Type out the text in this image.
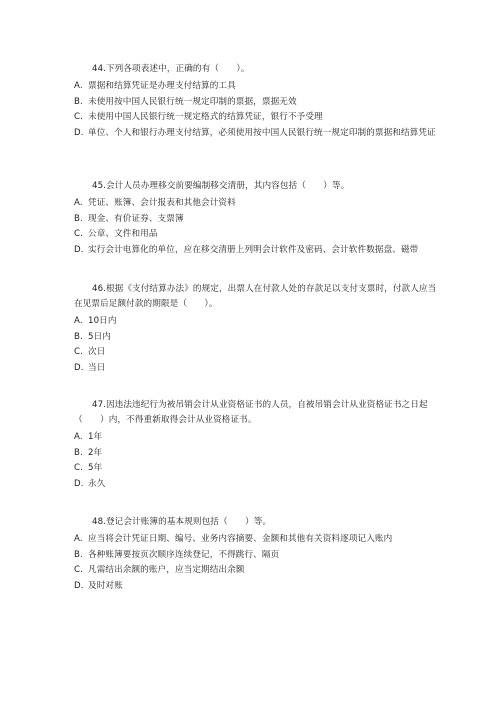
44.下列各项表述中，正确的有（　　）。

A. 票据和结算凭证是办理支付结算的工具

B. 未使用按中国人民银行统一规定印制的票据，票据无效

C. 未使用中国人民银行统一规定格式的结算凭证，银行不予受理

D. 单位、个人和银行办理支付结算，必须使用按中国人民银行统一规定印制的票据和结算凭证

45.会计人员办理移交前要编制移交清册，其内容包括（　　）等。

A. 凭证、账簿、会计报表和其他会计资料

B. 现金、有价证券、支票簿

C. 公章、文件和用品

D. 实行会计电算化的单位，应在移交清册上列明会计软件及密码、会计软件数据盘、磁带

46.根据《支付结算办法》的规定，出票人在付款人处的存款足以支付支票时，付款人应当在见票后足额付款的期限是（　　）。

A. 10日内

B. 5日内

C. 次日

D. 当日

47.因违法违纪行为被吊销会计从业资格证书的人员，自被吊销会计从业资格证书之日起（　　）内，不得重新取得会计从业资格证书。

A. 1年

B. 2年

C. 5年

D. 永久

48.登记会计账簿的基本规则包括（　　）等。

A. 应当将会计凭证日期、编号、业务内容摘要、金额和其他有关资料逐项记入账内

B. 各种账簿要按页次顺序连续登记，不得跳行、隔页

C. 凡需结出余额的账户，应当定期结出余额

D. 及时对账
